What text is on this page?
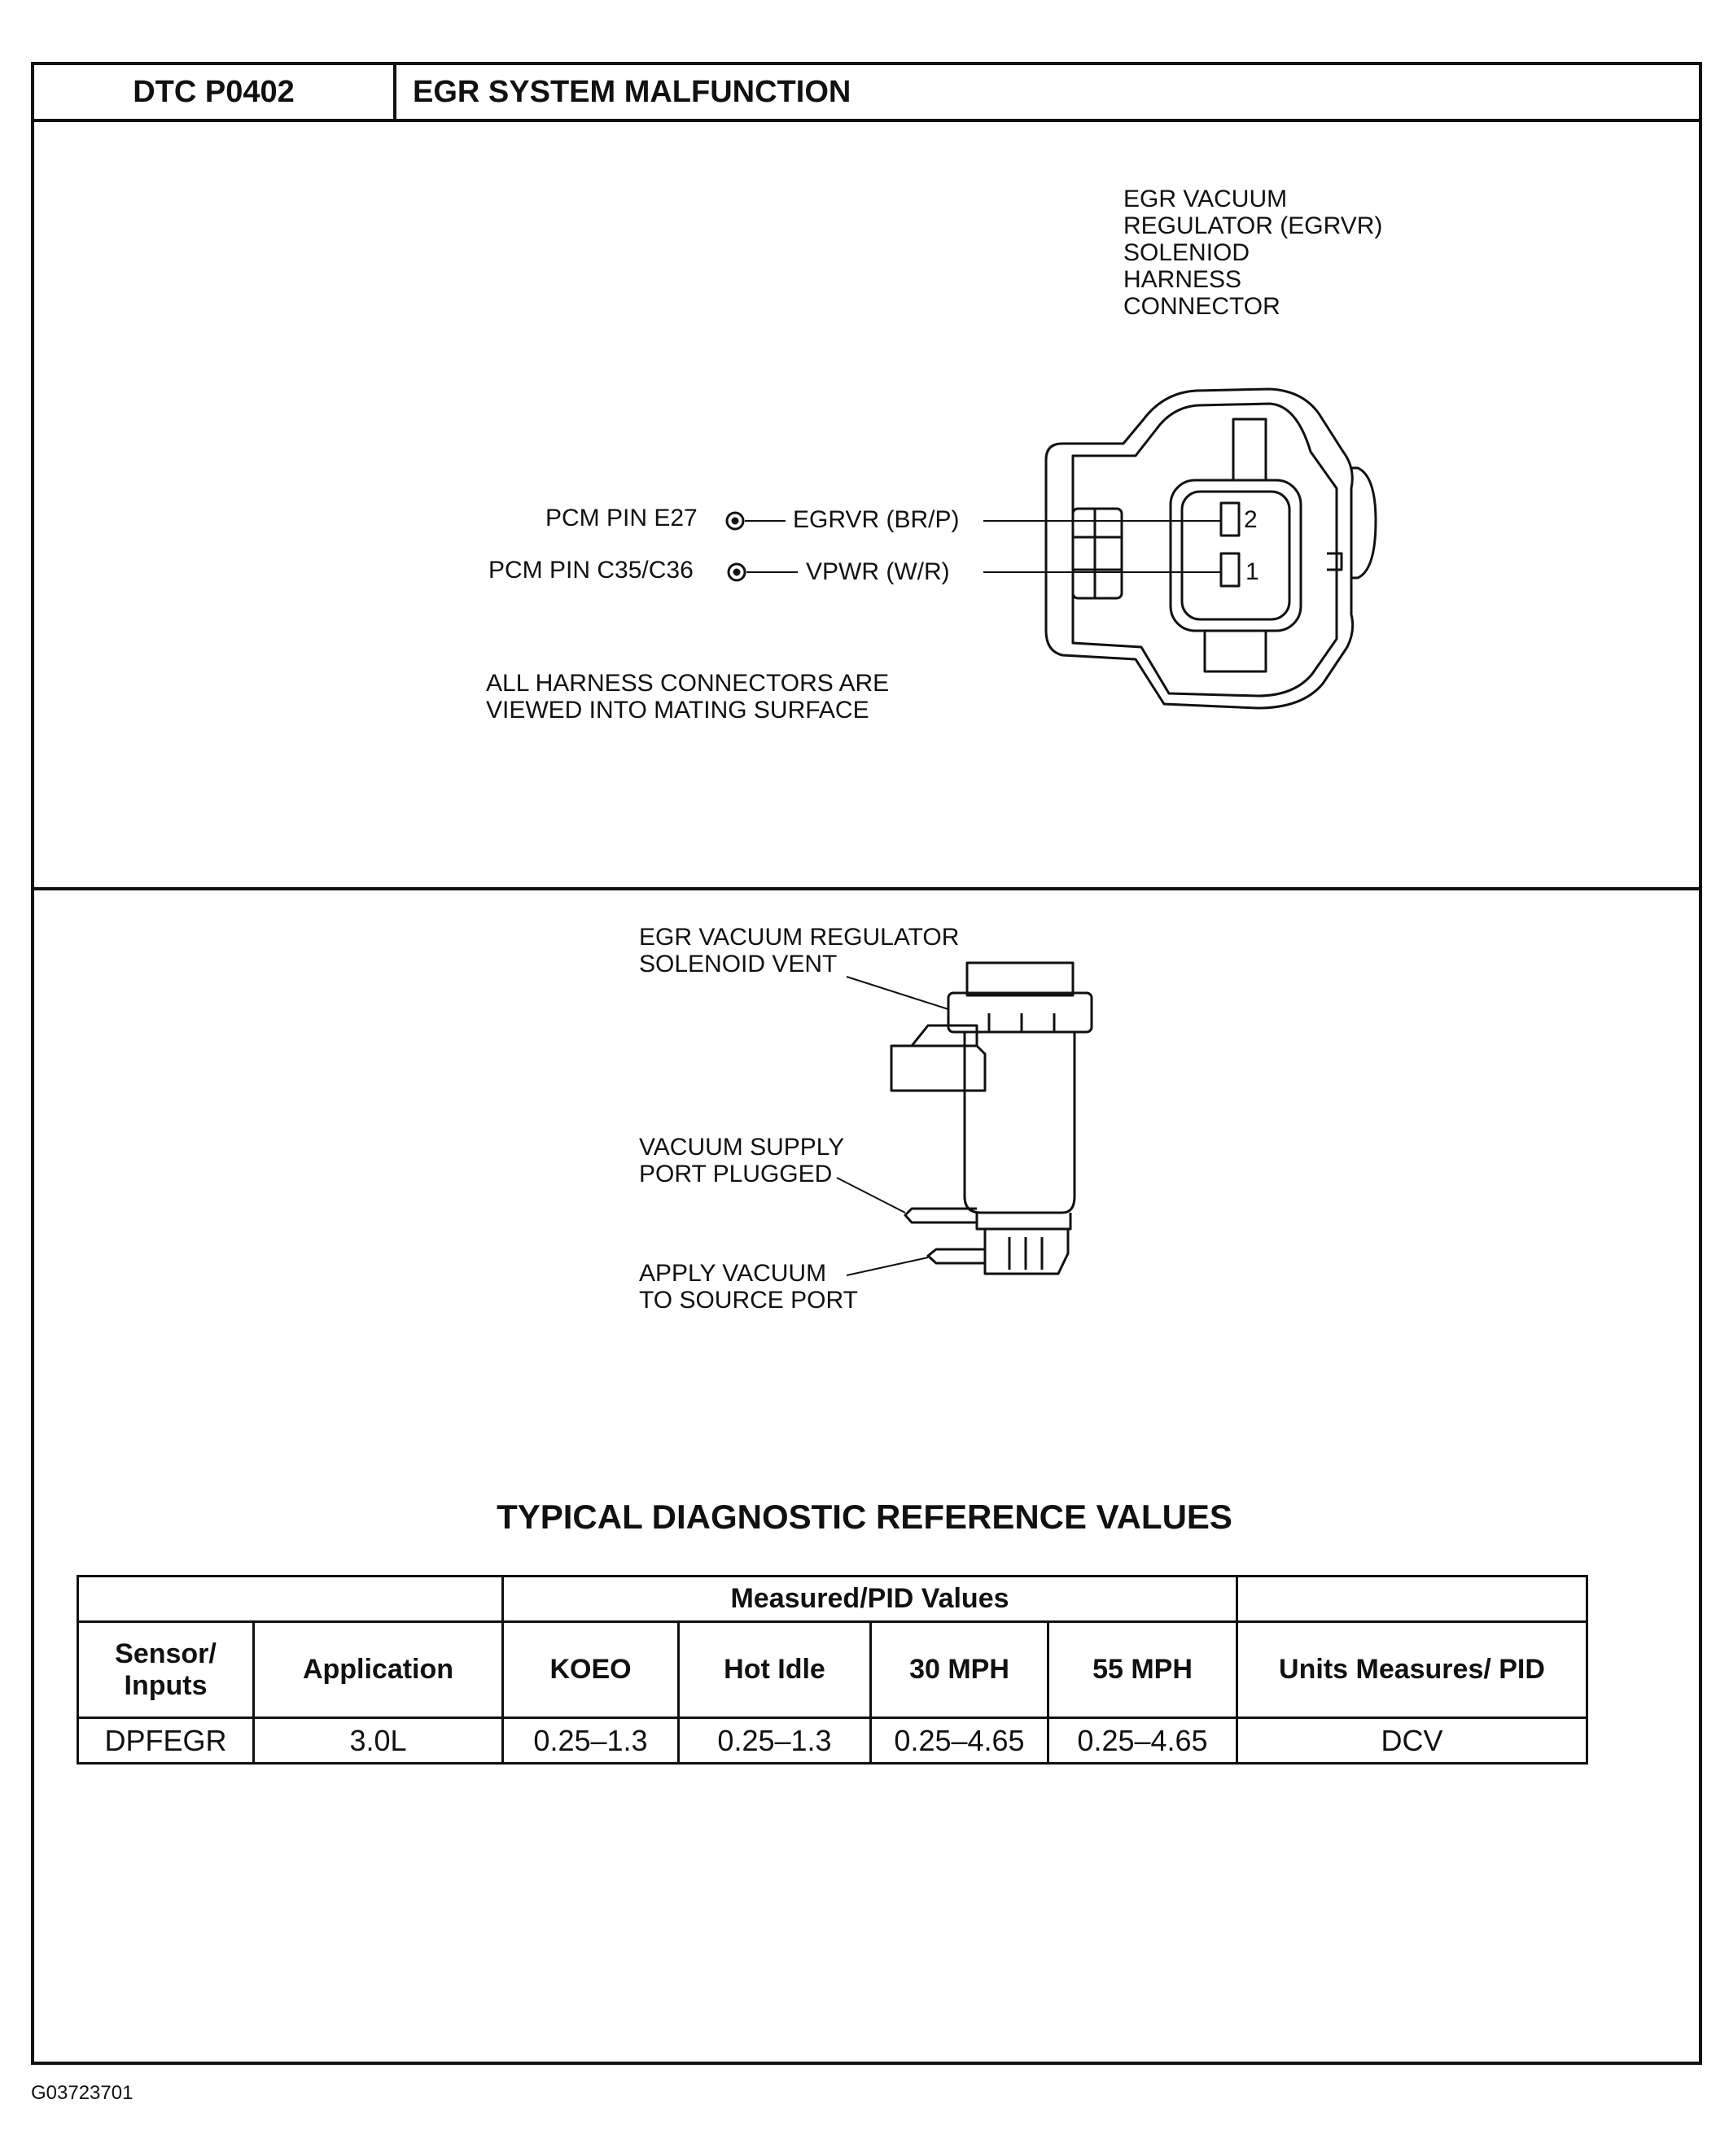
DTC P0402	EGR SYSTEM MALFUNCTION
EGR VACUUM
REGULATOR (EGRVR)
SOLENIOD
HARNESS
CONNECTOR
PCM PIN E27	EGRVR (BR/P)	2
PCM PIN C35/C36	VPWR (W/R)	1
ALL HARNESS CONNECTORS ARE
VIEWED INTO MATING SURFACE
EGR VACUUM REGULATOR
SOLENOID VENT
VACUUM SUPPLY
PORT PLUGGED
APPLY VACUUM
TO SOURCE PORT
TYPICAL DIAGNOSTIC REFERENCE VALUES
		Measured/PID Values				
Sensor/ Inputs	Application	KOEO	Hot Idle	30 MPH	55 MPH	Units Measures/ PID
DPFEGR	3.0L	0.25–1.3	0.25–1.3	0.25–4.65	0.25–4.65	DCV
G03723701
